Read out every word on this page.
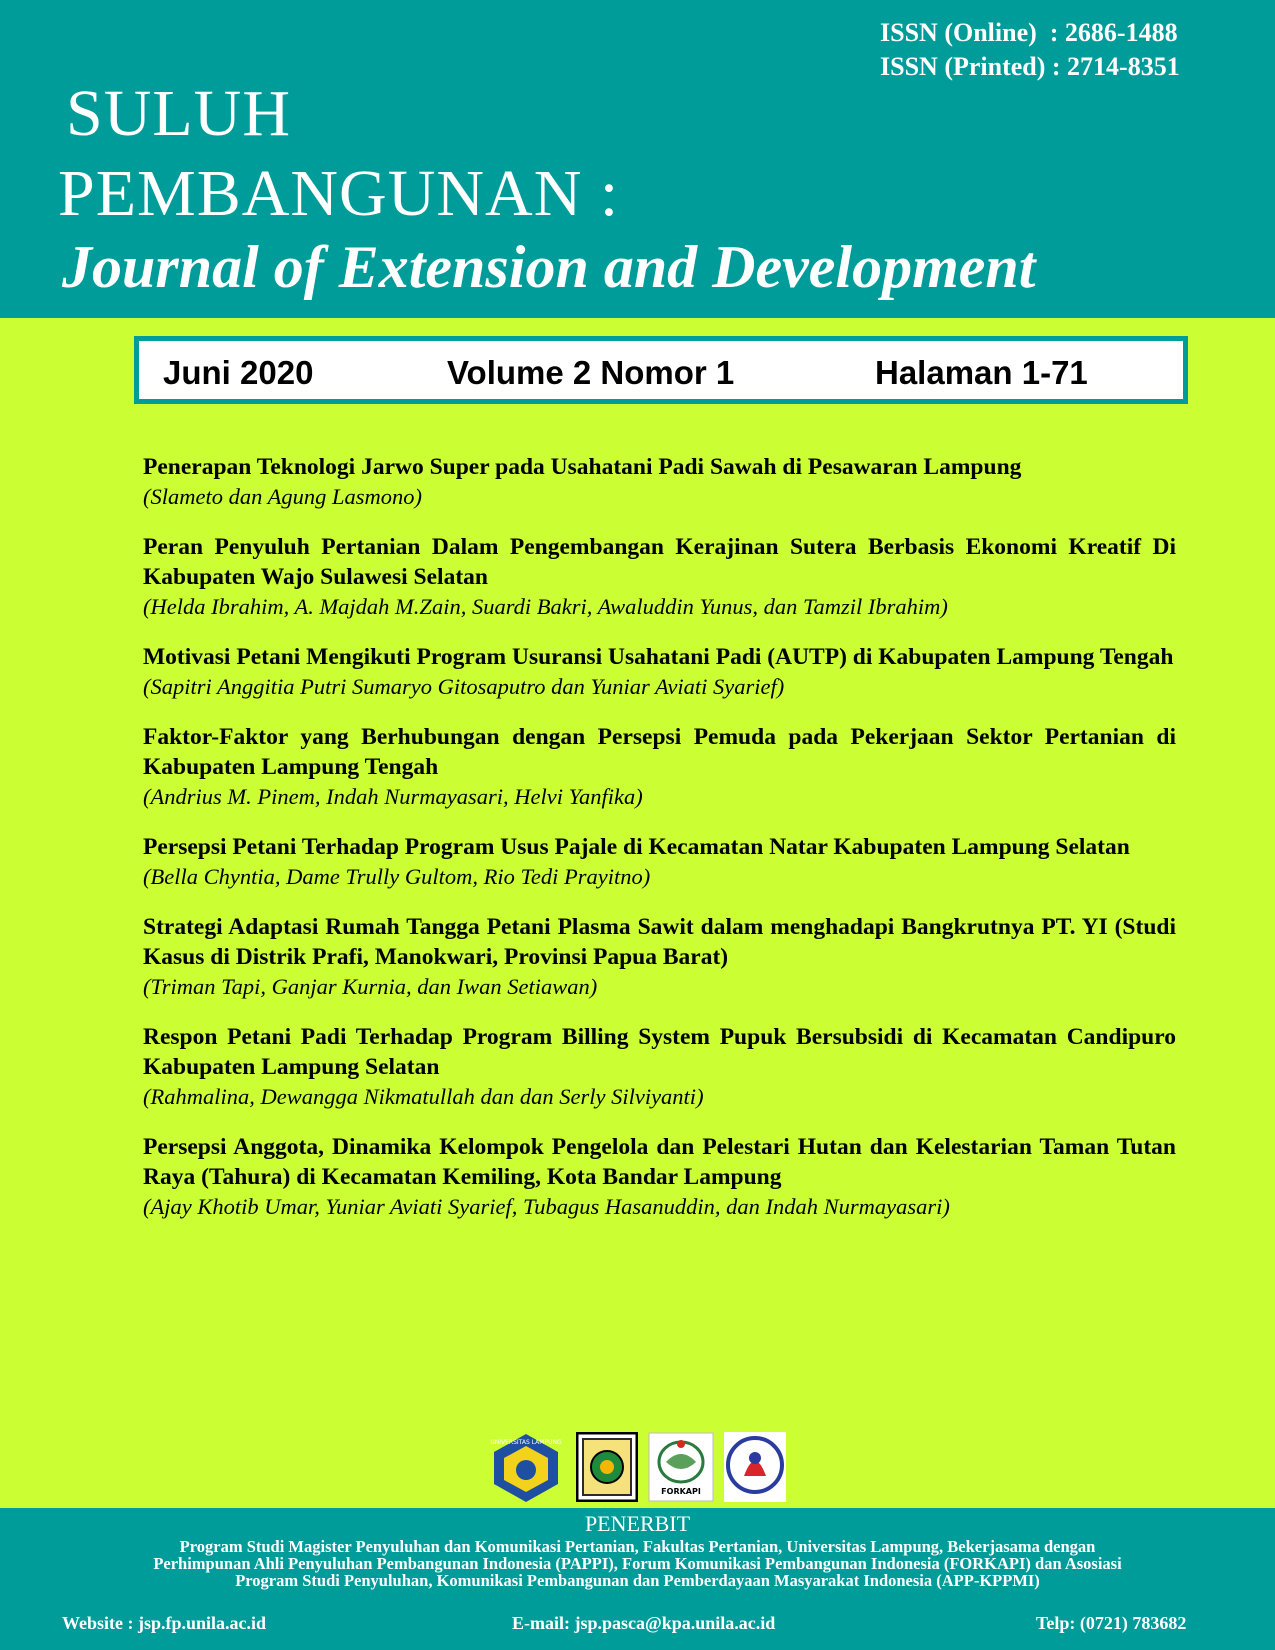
ISSN (Online)  : 2686-1488
ISSN (Printed) : 2714-8351
SULUH
PEMBANGUNAN :
Journal of Extension and Development
Juni 2020	Volume 2 Nomor 1	Halaman 1-71
Penerapan Teknologi Jarwo Super pada Usahatani Padi Sawah di Pesawaran Lampung
(Slameto dan Agung Lasmono)
Peran Penyuluh Pertanian Dalam Pengembangan Kerajinan Sutera Berbasis Ekonomi Kreatif Di Kabupaten Wajo Sulawesi Selatan
(Helda Ibrahim, A. Majdah M.Zain, Suardi Bakri, Awaluddin Yunus, dan Tamzil Ibrahim)
Motivasi Petani Mengikuti Program Usuransi Usahatani Padi (AUTP) di Kabupaten Lampung Tengah
(Sapitri Anggitia Putri Sumaryo Gitosaputro dan Yuniar Aviati Syarief)
Faktor-Faktor yang Berhubungan dengan Persepsi Pemuda pada Pekerjaan Sektor Pertanian di Kabupaten Lampung Tengah
(Andrius M. Pinem, Indah Nurmayasari, Helvi Yanfika)
Persepsi Petani Terhadap Program Usus Pajale di Kecamatan Natar Kabupaten Lampung Selatan
(Bella Chyntia, Dame Trully Gultom, Rio Tedi Prayitno)
Strategi Adaptasi Rumah Tangga Petani Plasma Sawit dalam menghadapi Bangkrutnya PT. YI (Studi Kasus di Distrik Prafi, Manokwari, Provinsi Papua Barat)
(Triman Tapi, Ganjar Kurnia, dan Iwan Setiawan)
Respon Petani Padi Terhadap Program Billing System Pupuk Bersubsidi di Kecamatan Candipuro Kabupaten Lampung Selatan
(Rahmalina, Dewangga Nikmatullah dan dan Serly Silviyanti)
Persepsi Anggota, Dinamika Kelompok Pengelola dan Pelestari Hutan dan Kelestarian Taman Tutan Raya (Tahura) di Kecamatan Kemiling, Kota Bandar Lampung
(Ajay Khotib Umar, Yuniar Aviati Syarief, Tubagus Hasanuddin, dan Indah Nurmayasari)
UNIVERSITAS LAMPUNG
FORKAPI
PENERBIT
Program Studi Magister Penyuluhan dan Komunikasi Pertanian, Fakultas Pertanian, Universitas Lampung, Bekerjasama dengan
Perhimpunan Ahli Penyuluhan Pembangunan Indonesia (PAPPI), Forum Komunikasi Pembangunan Indonesia (FORKAPI) dan Asosiasi
Program Studi Penyuluhan, Komunikasi Pembangunan dan Pemberdayaan Masyarakat Indonesia (APP-KPPMI)
Website : jsp.fp.unila.ac.id	E-mail: jsp.pasca@kpa.unila.ac.id	Telp: (0721) 783682
